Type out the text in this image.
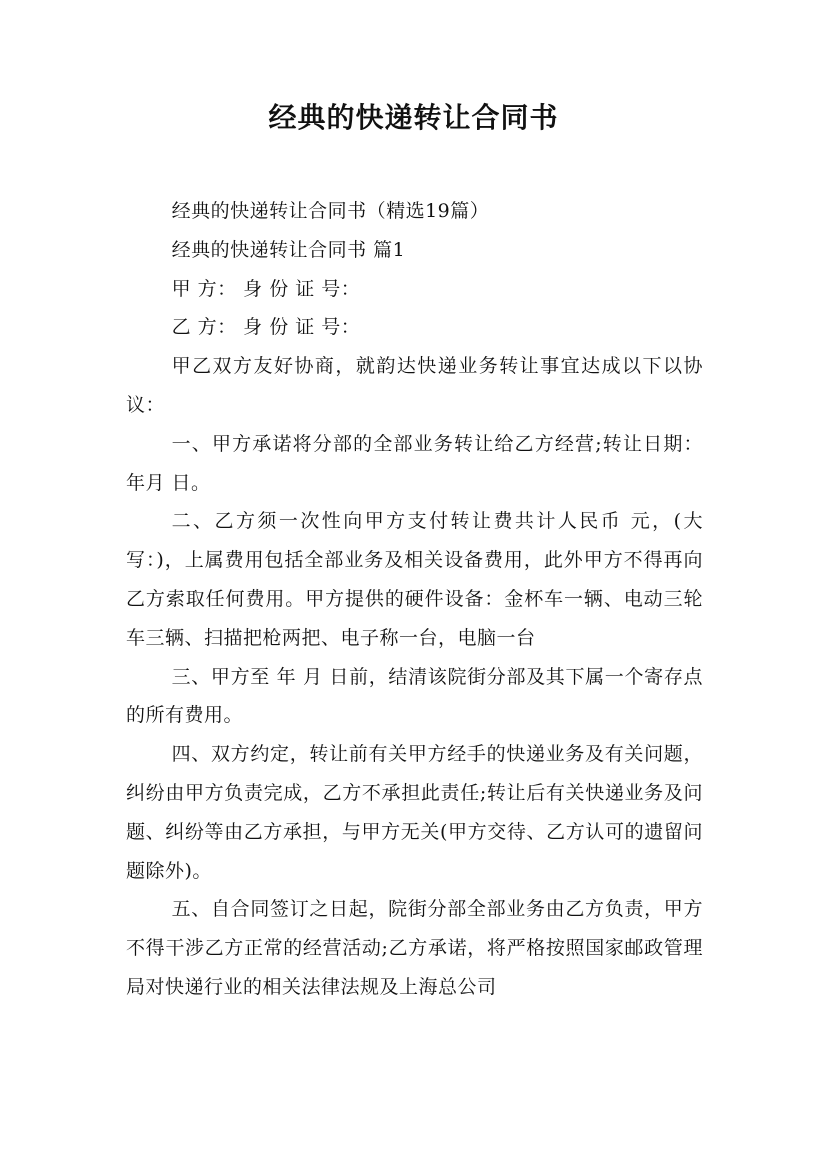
经典的快递转让合同书

经典的快递转让合同书（精选19篇）

经典的快递转让合同书 篇1

甲 方： 身 份 证 号：

乙 方： 身 份 证 号：

甲乙双方友好协商，就韵达快递业务转让事宜达成以下以协议：

一、甲方承诺将分部的全部业务转让给乙方经营;转让日期： 年月 日。

二、乙方须一次性向甲方支付转让费共计人民币 元，(大写：)，上属费用包括全部业务及相关设备费用，此外甲方不得再向乙方索取任何费用。甲方提供的硬件设备：金杯车一辆、电动三轮车三辆、扫描把枪两把、电子称一台，电脑一台

三、甲方至 年 月 日前，结清该院街分部及其下属一个寄存点的所有费用。

四、双方约定，转让前有关甲方经手的快递业务及有关问题，纠纷由甲方负责完成，乙方不承担此责任;转让后有关快递业务及问题、纠纷等由乙方承担，与甲方无关(甲方交待、乙方认可的遗留问题除外)。

五、自合同签订之日起，院街分部全部业务由乙方负责，甲方不得干涉乙方正常的经营活动;乙方承诺，将严格按照国家邮政管理局对快递行业的相关法律法规及上海总公司
